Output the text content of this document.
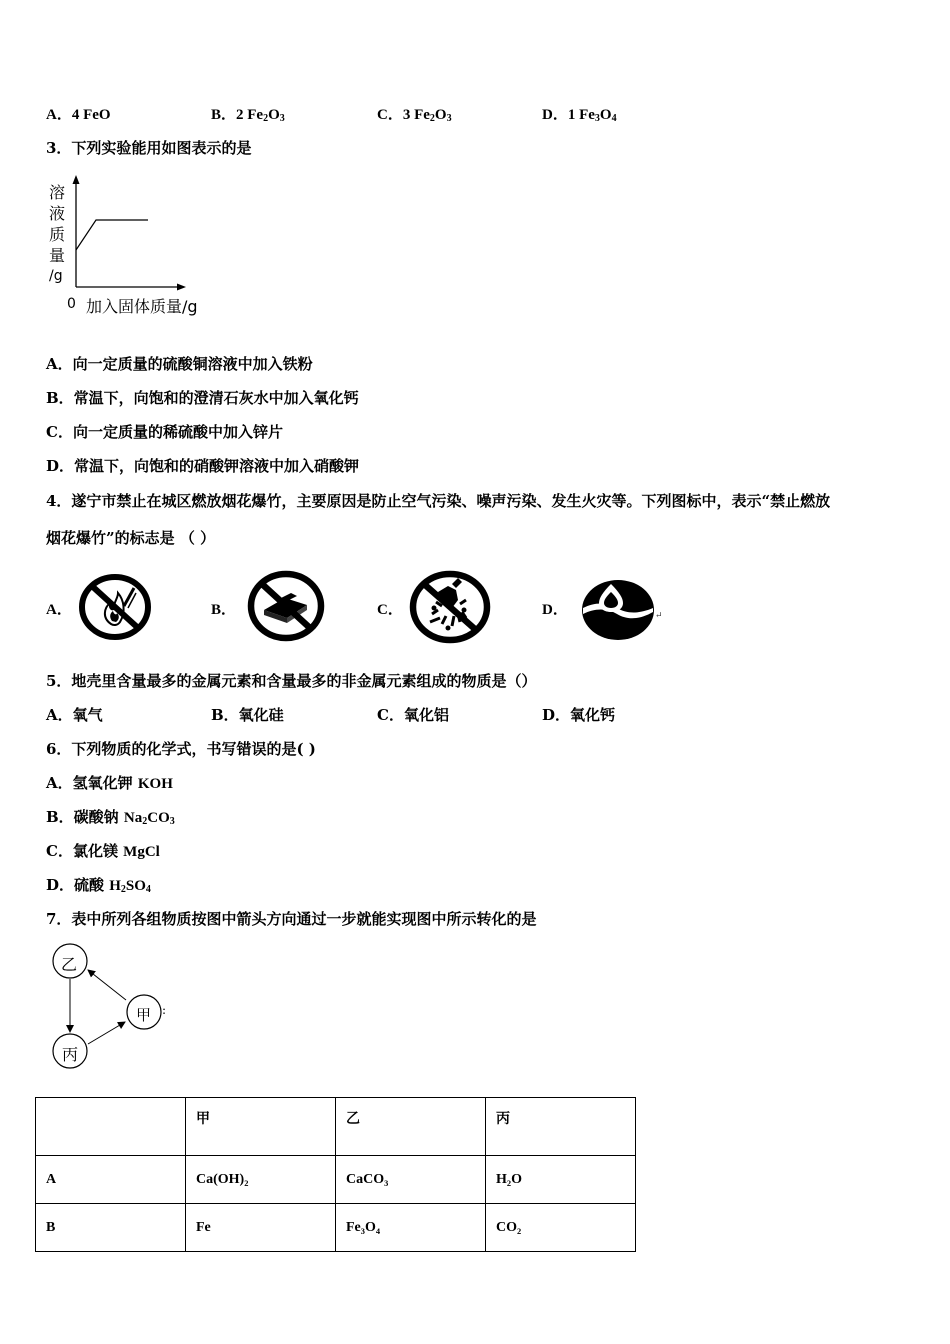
A．4 FeO	B．2 $Fe_2O_3$	C．3 $Fe_2O_3$	D．1 $Fe_3O_4$
3．下列实验能用如图表示的是
溶
液
质
量
/g
0 加入固体质量/g
A．向一定质量的硫酸铜溶液中加入铁粉
B．常温下，向饱和的澄清石灰水中加入氧化钙
C．向一定质量的稀硫酸中加入锌片
D．常温下，向饱和的硝酸钾溶液中加入硝酸钾
4．遂宁市禁止在城区燃放烟花爆竹，主要原因是防止空气污染、噪声污染、发生火灾等。下列图标中，表示“禁止燃放
烟花爆竹”的标志是 （ ）
A．	B．	C．	D．	↵
5．地壳里含量最多的金属元素和含量最多的非金属元素组成的物质是（）
A．氧气	B．氧化硅	C．氧化铝	D．氧化钙
6．下列物质的化学式，书写错误的是( )
A．氢氧化钾 KOH
B．碳酸钠 $Na_2CO_3$
C．氯化镁 MgCl
D．硫酸 $H_2SO_4$
7．表中所列各组物质按图中箭头方向通过一步就能实现图中所示转化的是
乙
甲
丙
:
	甲	乙	丙
A	Ca(OH)₂	CaCO₃	H₂O
B	Fe	Fe₃O₄	CO₂
